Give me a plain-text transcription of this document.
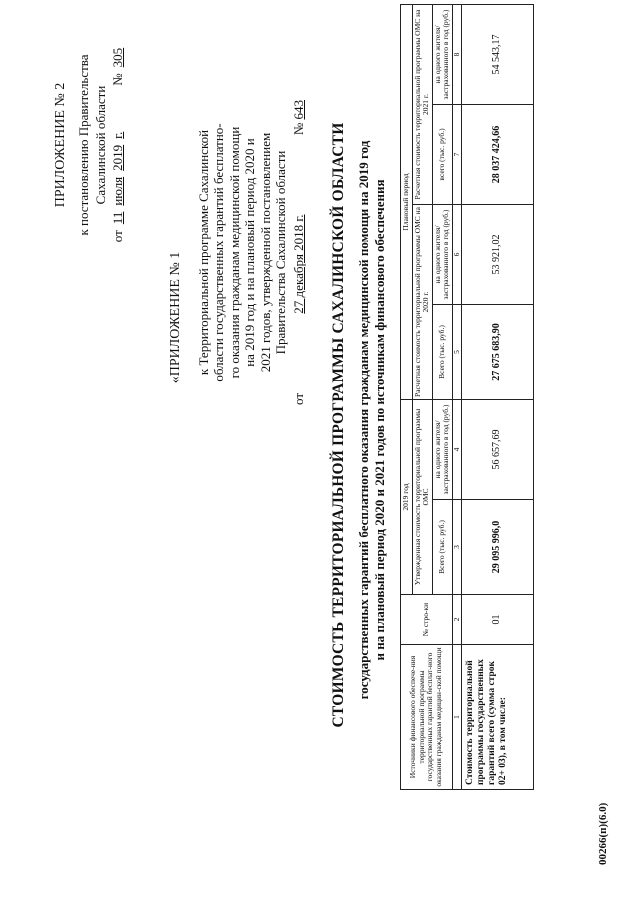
ПРИЛОЖЕНИЕ № 2 к постановлению Правительства Сахалинской области
от
11
июля
2019
г.
№
305
«ПРИЛОЖЕНИЕ № 1 к Территориальной программе Сахалинской области государственных гарантий бесплатно- го оказания гражданам медицинской помощи на 2019 год и на плановый период 2020 и 2021 годов, утвержденной постановлением Правительства Сахалинской области
от
27 декабря 2018 г.
№ 643
СТОИМОСТЬ ТЕРРИТОРИАЛЬНОЙ ПРОГРАММЫ САХАЛИНСКОЙ ОБЛАСТИ государственных гарантий бесплатного оказания гражданам медицинской помощи на 2019 год и на плановый период 2020 и 2021 годов по источникам финансового обеспечения
Источники финансового обеспече-ния территориальной программы государственных гарантий бесплат-ного оказания гражданам медицин-ской помощи	№ стро-ки	2019 год		Плановый период			
		Утвержденная стоимость территориальной программы ОМС		Расчетная стоимость территориальной программы ОМС на 2020 г.		Расчетная стоимость территориальной программы ОМС на 2021 г.	
		Всего (тыс. руб.)	на одного жителя/ застрахованного в год (руб.)	Всего (тыс. руб.)	на одного жителя/ застрахованного в год (руб.)	всего (тыс. руб.)	на одного жителя/ застрахованного в год (руб.)
1	2	3	4	5	6	7	8
Стоимость территориальной программы государственных гарантий всего (сумма строк 02+ 03), в том числе:	01	29 095 996,0	56 657,69	27 675 683,90	53 921,02	28 037 424,66	54 543,17
00266(п)(6.0)
